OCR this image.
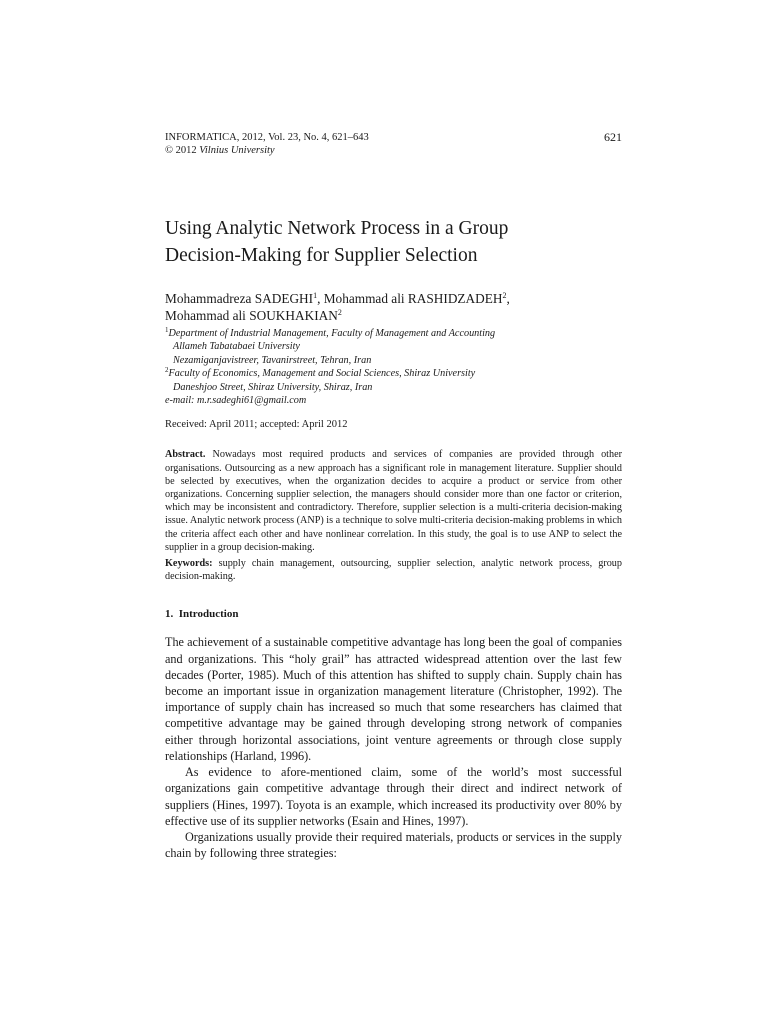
INFORMATICA, 2012, Vol. 23, No. 4, 621–643
© 2012 Vilnius University
621
Using Analytic Network Process in a Group
Decision-Making for Supplier Selection
Mohammadreza SADEGHI$^1$, Mohammad ali RASHIDZADEH$^2$,
Mohammad ali SOUKHAKIAN$^2$
$^1$Department of Industrial Management, Faculty of Management and Accounting
Allameh Tabatabaei University
Nezamiganjavistreer, Tavanirstreet, Tehran, Iran
$^2$Faculty of Economics, Management and Social Sciences, Shiraz University
Daneshjoo Street, Shiraz University, Shiraz, Iran
e-mail: m.r.sadeghi61@gmail.com
Received: April 2011; accepted: April 2012
Abstract. Nowadays most required products and services of companies are provided through other organisations. Outsourcing as a new approach has a significant role in management literature. Supplier should be selected by executives, when the organization decides to acquire a product or service from other organizations. Concerning supplier selection, the managers should consider more than one factor or criterion, which may be inconsistent and contradictory. Therefore, supplier selection is a multi-criteria decision-making issue. Analytic network process (ANP) is a technique to solve multi-criteria decision-making problems in which the criteria affect each other and have nonlinear correlation. In this study, the goal is to use ANP to select the supplier in a group decision-making.
Keywords: supply chain management, outsourcing, supplier selection, analytic network process, group decision-making.
1. Introduction

The achievement of a sustainable competitive advantage has long been the goal of companies and organizations. This “holy grail” has attracted widespread attention over the last few decades (Porter, 1985). Much of this attention has shifted to supply chain. Supply chain has become an important issue in organization management literature (Christopher, 1992). The importance of supply chain has increased so much that some researchers has claimed that competitive advantage may be gained through developing strong network of companies either through horizontal associations, joint venture agreements or through close supply relationships (Harland, 1996).

As evidence to afore-mentioned claim, some of the world’s most successful organizations gain competitive advantage through their direct and indirect network of suppliers (Hines, 1997). Toyota is an example, which increased its productivity over 80% by effective use of its supplier networks (Esain and Hines, 1997).

Organizations usually provide their required materials, products or services in the supply chain by following three strategies:
